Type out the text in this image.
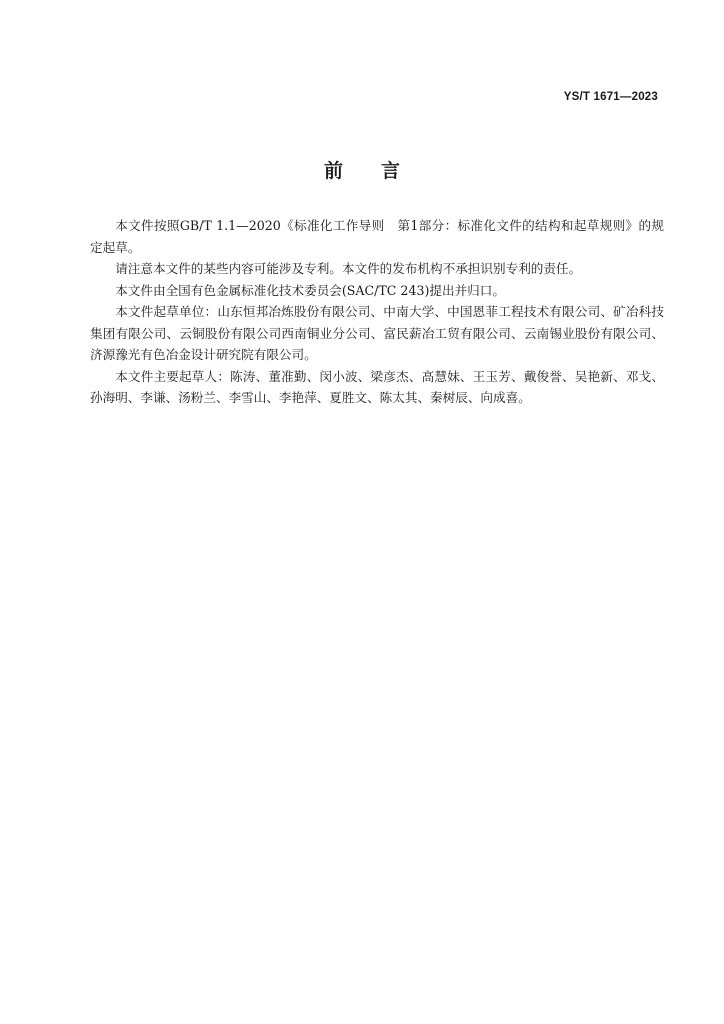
YS/T 1671—2023
前言

本文件按照GB/T 1.1—2020《标准化工作导则　第1部分：标准化文件的结构和起草规则》的规定起草。

请注意本文件的某些内容可能涉及专利。本文件的发布机构不承担识别专利的责任。

本文件由全国有色金属标准化技术委员会(SAC/TC 243)提出并归口。

本文件起草单位：山东恒邦冶炼股份有限公司、中南大学、中国恩菲工程技术有限公司、矿冶科技集团有限公司、云铜股份有限公司西南铜业分公司、富民薪冶工贸有限公司、云南锡业股份有限公司、济源豫光有色冶金设计研究院有限公司。

本文件主要起草人：陈涛、董准勤、闵小波、梁彦杰、高慧妹、王玉芳、戴俊誉、吴艳新、邓戈、孙海明、李谦、汤粉兰、李雪山、李艳萍、夏胜文、陈太其、秦树辰、向成喜。
